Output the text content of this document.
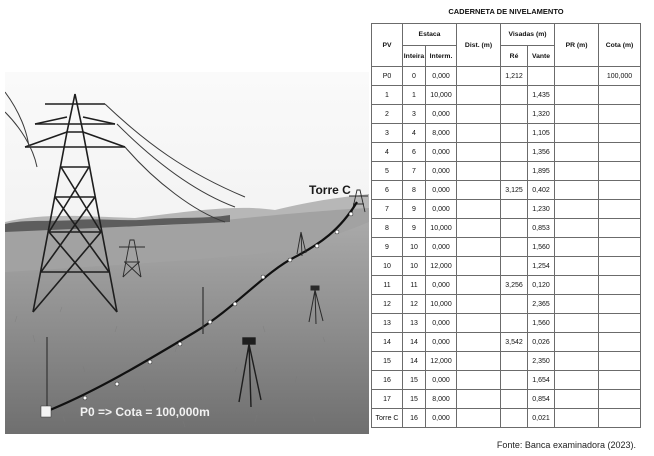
Torre C
P0 => Cota = 100,000m
CADERNETA DE NIVELAMENTO
PV	Estaca		Dist. (m)	Visadas (m)		PR (m)	Cota (m)
	Inteira	Interm.		Ré	Vante		
P0	0	0,000		1,212			100,000
1	1	10,000			1,435		
2	3	0,000			1,320		
3	4	8,000			1,105		
4	6	0,000			1,356		
5	7	0,000			1,895		
6	8	0,000		3,125	0,402		
7	9	0,000			1,230		
8	9	10,000			0,853		
9	10	0,000			1,560		
10	10	12,000			1,254		
11	11	0,000		3,256	0,120		
12	12	10,000			2,365		
13	13	0,000			1,560		
14	14	0,000		3,542	0,026		
15	14	12,000			2,350		
16	15	0,000			1,654		
17	15	8,000			0,854		
Torre C	16	0,000			0,021		
Fonte: Banca examinadora (2023).
